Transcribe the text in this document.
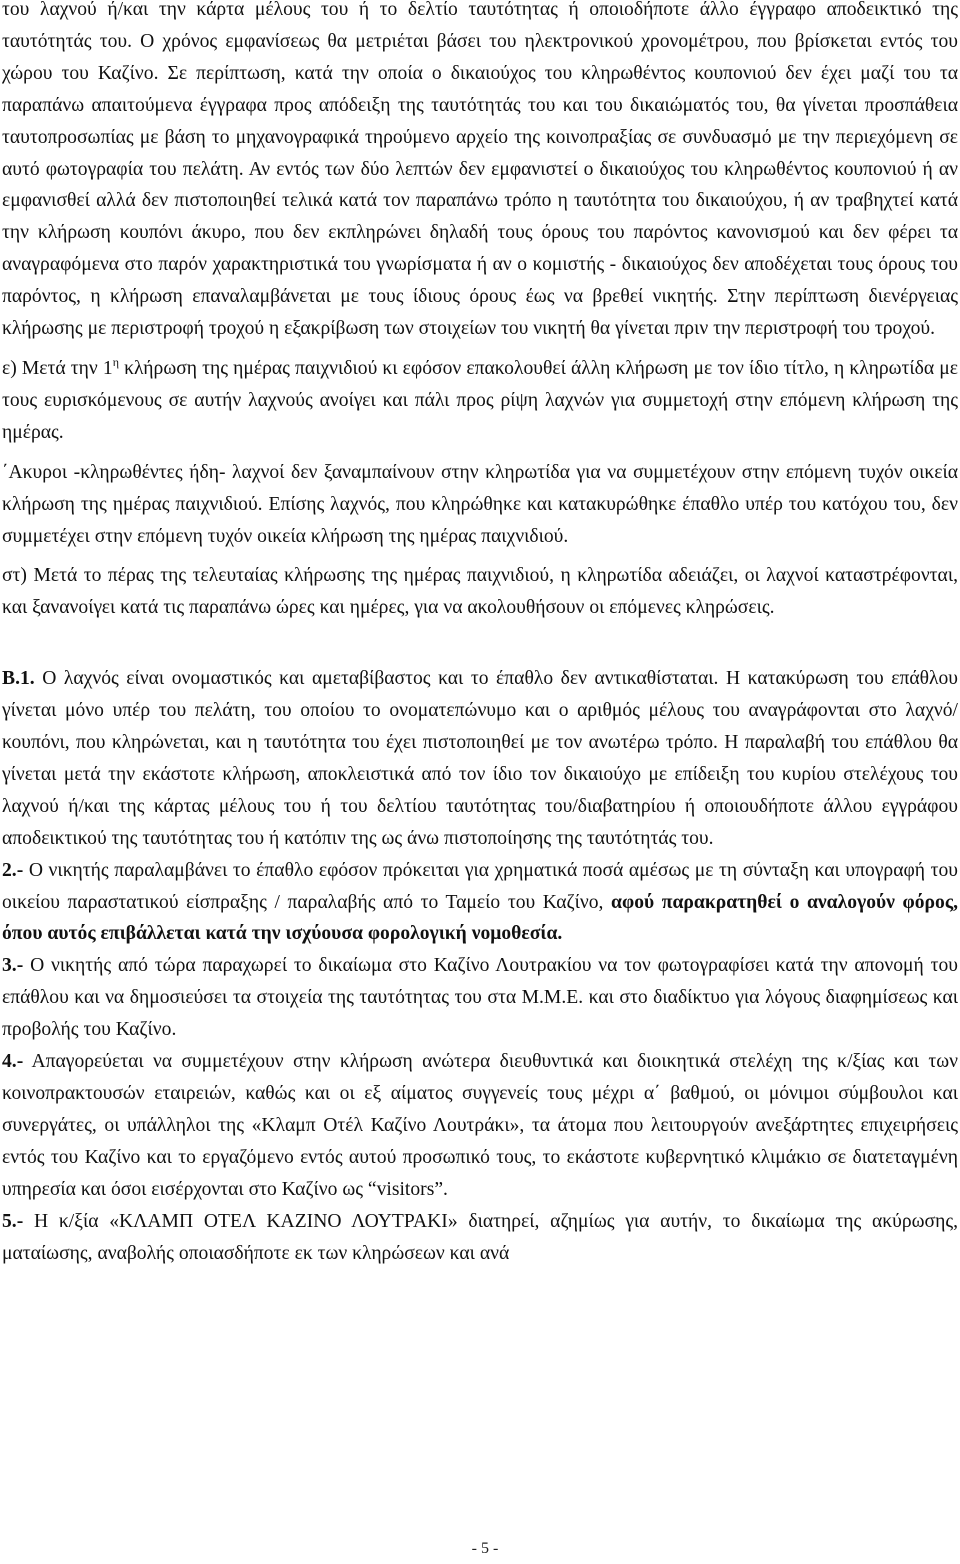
του λαχνού ή/και την κάρτα μέλους του ή το δελτίο ταυτότητας ή οποιοδήποτε άλλο έγγραφο αποδεικτικό της ταυτότητάς του. Ο χρόνος εμφανίσεως θα μετριέται βάσει του ηλεκτρονικού χρονομέτρου, που βρίσκεται εντός του χώρου του Καζίνο. Σε περίπτωση, κατά την οποία ο δικαιούχος του κληρωθέντος κουπονιού δεν έχει μαζί του τα παραπάνω απαιτούμενα έγγραφα προς απόδειξη της ταυτότητάς του και του δικαιώματός του, θα γίνεται προσπάθεια ταυτοπροσωπίας με βάση το μηχανογραφικά τηρούμενο αρχείο της κοινοπραξίας σε συνδυασμό με την περιεχόμενη σε αυτό φωτογραφία του πελάτη. Αν εντός των δύο λεπτών δεν εμφανιστεί ο δικαιούχος του κληρωθέντος κουπονιού ή αν εμφανισθεί αλλά δεν πιστοποιηθεί τελικά κατά τον παραπάνω τρόπο η ταυτότητα του δικαιούχου, ή αν τραβηχτεί κατά την κλήρωση κουπόνι άκυρο, που δεν εκπληρώνει δηλαδή τους όρους του παρόντος κανονισμού και δεν φέρει τα αναγραφόμενα στο παρόν χαρακτηριστικά του γνωρίσματα ή αν ο κομιστής - δικαιούχος δεν αποδέχεται τους όρους του παρόντος, η κλήρωση επαναλαμβάνεται με τους ίδιους όρους έως να βρεθεί νικητής. Στην περίπτωση διενέργειας κλήρωσης με περιστροφή τροχού η εξακρίβωση των στοιχείων του νικητή θα γίνεται πριν την περιστροφή του τροχού.

ε) Μετά την $1^\eta$ κλήρωση της ημέρας παιχνιδιού κι εφόσον επακολουθεί άλλη κλήρωση με τον ίδιο τίτλο, η κληρωτίδα με τους ευρισκόμενους σε αυτήν λαχνούς ανοίγει και πάλι προς ρίψη λαχνών για συμμετοχή στην επόμενη κλήρωση της ημέρας.

΄Ακυροι -κληρωθέντες ήδη- λαχνοί δεν ξαναμπαίνουν στην κληρωτίδα για να συμμετέχουν στην επόμενη τυχόν οικεία κλήρωση της ημέρας παιχνιδιού. Επίσης λαχνός, που κληρώθηκε και κατακυρώθηκε έπαθλο υπέρ του κατόχου του, δεν συμμετέχει στην επόμενη τυχόν οικεία κλήρωση της ημέρας παιχνιδιού.

στ) Μετά το πέρας της τελευταίας κλήρωσης της ημέρας παιχνιδιού, η κληρωτίδα αδειάζει, οι λαχνοί καταστρέφονται, και ξανανοίγει κατά τις παραπάνω ώρες και ημέρες, για να ακολουθήσουν οι επόμενες κληρώσεις.

Β.1. Ο λαχνός είναι ονομαστικός και αμεταβίβαστος και το έπαθλο δεν αντικαθίσταται. Η κατακύρωση του επάθλου γίνεται μόνο υπέρ του πελάτη, του οποίου το ονοματεπώνυμο και ο αριθμός μέλους του αναγράφονται στο λαχνό/κουπόνι, που κληρώνεται, και η ταυτότητα του έχει πιστοποιηθεί με τον ανωτέρω τρόπο. Η παραλαβή του επάθλου θα γίνεται μετά την εκάστοτε κλήρωση, αποκλειστικά από τον ίδιο τον δικαιούχο με επίδειξη του κυρίου στελέχους του λαχνού ή/και της κάρτας μέλους του ή του δελτίου ταυτότητας του/διαβατηρίου ή οποιουδήποτε άλλου εγγράφου αποδεικτικού της ταυτότητας του ή κατόπιν της ως άνω πιστοποίησης της ταυτότητάς του.

2.- Ο νικητής παραλαμβάνει το έπαθλο εφόσον πρόκειται για χρηματικά ποσά αμέσως με τη σύνταξη και υπογραφή του οικείου παραστατικού είσπραξης / παραλαβής από το Ταμείο του Καζίνο, αφού παρακρατηθεί ο αναλογούν φόρος, όπου αυτός επιβάλλεται κατά την ισχύουσα φορολογική νομοθεσία.

3.- Ο νικητής από τώρα παραχωρεί το δικαίωμα στο Καζίνο Λουτρακίου να τον φωτογραφίσει κατά την απονομή του επάθλου και να δημοσιεύσει τα στοιχεία της ταυτότητας του στα Μ.Μ.Ε. και στο διαδίκτυο για λόγους διαφημίσεως και προβολής του Καζίνο.

4.- Απαγορεύεται να συμμετέχουν στην κλήρωση ανώτερα διευθυντικά και διοικητικά στελέχη της κ/ξίας και των κοινοπρακτουσών εταιρειών, καθώς και οι εξ αίματος συγγενείς τους μέχρι α΄ βαθμού, οι μόνιμοι σύμβουλοι και συνεργάτες, οι υπάλληλοι της «Κλαμπ Οτέλ Καζίνο Λουτράκι», τα άτομα που λειτουργούν ανεξάρτητες επιχειρήσεις εντός του Καζίνο και το εργαζόμενο εντός αυτού προσωπικό τους, το εκάστοτε κυβερνητικό κλιμάκιο σε διατεταγμένη υπηρεσία και όσοι εισέρχονται στο Καζίνο ως “visitors”.

5.- Η κ/ξία «ΚΛΑΜΠ ΟΤΕΛ ΚΑΖΙΝΟ ΛΟΥΤΡΑΚΙ» διατηρεί, αζημίως για αυτήν, το δικαίωμα της ακύρωσης, ματαίωσης, αναβολής οποιασδήποτε εκ των κληρώσεων και ανά

- 5 -
